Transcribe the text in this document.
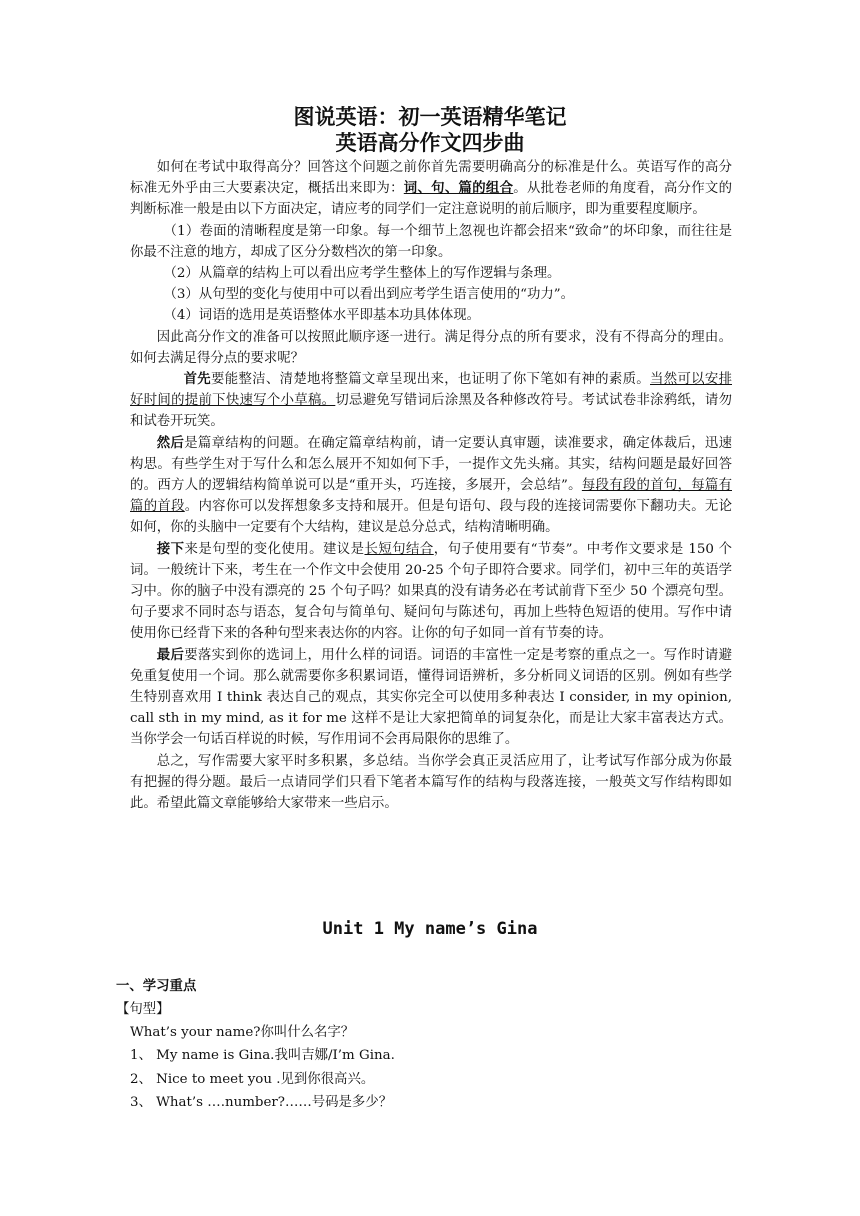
图说英语：初一英语精华笔记
英语高分作文四步曲

如何在考试中取得高分？回答这个问题之前你首先需要明确高分的标准是什么。英语写作的高分标准无外乎由三大要素决定，概括出来即为：词、句、篇的组合。从批卷老师的角度看，高分作文的判断标准一般是由以下方面决定，请应考的同学们一定注意说明的前后顺序，即为重要程度顺序。

（1）卷面的清晰程度是第一印象。每一个细节上忽视也许都会招来“致命”的坏印象，而往往是你最不注意的地方，却成了区分分数档次的第一印象。

（2）从篇章的结构上可以看出应考学生整体上的写作逻辑与条理。

（3）从句型的变化与使用中可以看出到应考学生语言使用的“功力”。

（4）词语的选用是英语整体水平即基本功具体体现。

因此高分作文的准备可以按照此顺序逐一进行。满足得分点的所有要求，没有不得高分的理由。如何去满足得分点的要求呢？

首先要能整洁、清楚地将整篇文章呈现出来，也证明了你下笔如有神的素质。当然可以安排好时间的提前下快速写个小草稿。切忌避免写错词后涂黑及各种修改符号。考试试卷非涂鸦纸，请勿和试卷开玩笑。

然后是篇章结构的问题。在确定篇章结构前，请一定要认真审题，读准要求，确定体裁后，迅速构思。有些学生对于写什么和怎么展开不知如何下手，一提作文先头痛。其实，结构问题是最好回答的。西方人的逻辑结构简单说可以是“重开头，巧连接，多展开，会总结”。每段有段的首句，每篇有篇的首段。内容你可以发挥想象多支持和展开。但是句语句、段与段的连接词需要你下翻功夫。无论如何，你的头脑中一定要有个大结构，建议是总分总式，结构清晰明确。

接下来是句型的变化使用。建议是长短句结合，句子使用要有“节奏”。中考作文要求是 150 个词。一般统计下来，考生在一个作文中会使用 20-25 个句子即符合要求。同学们，初中三年的英语学习中。你的脑子中没有漂亮的 25 个句子吗？如果真的没有请务必在考试前背下至少 50 个漂亮句型。句子要求不同时态与语态，复合句与简单句、疑问句与陈述句，再加上些特色短语的使用。写作中请使用你已经背下来的各种句型来表达你的内容。让你的句子如同一首有节奏的诗。

最后要落实到你的选词上，用什么样的词语。词语的丰富性一定是考察的重点之一。写作时请避免重复使用一个词。那么就需要你多积累词语，懂得词语辨析，多分析同义词语的区别。例如有些学生特别喜欢用 I think 表达自己的观点，其实你完全可以使用多种表达 I consider, in my opinion, call sth in my mind, as it for me 这样不是让大家把简单的词复杂化，而是让大家丰富表达方式。当你学会一句话百样说的时候，写作用词不会再局限你的思维了。

总之，写作需要大家平时多积累，多总结。当你学会真正灵活应用了，让考试写作部分成为你最有把握的得分题。最后一点请同学们只看下笔者本篇写作的结构与段落连接，一般英文写作结构即如此。希望此篇文章能够给大家带来一些启示。

Unit 1 My name’s Gina
一、学习重点
【句型】
What’s your name?你叫什么名字？
1、 My name is Gina.我叫吉娜/I’m Gina.
2、 Nice to meet you .见到你很高兴。
3、 What’s ….number?……号码是多少？
